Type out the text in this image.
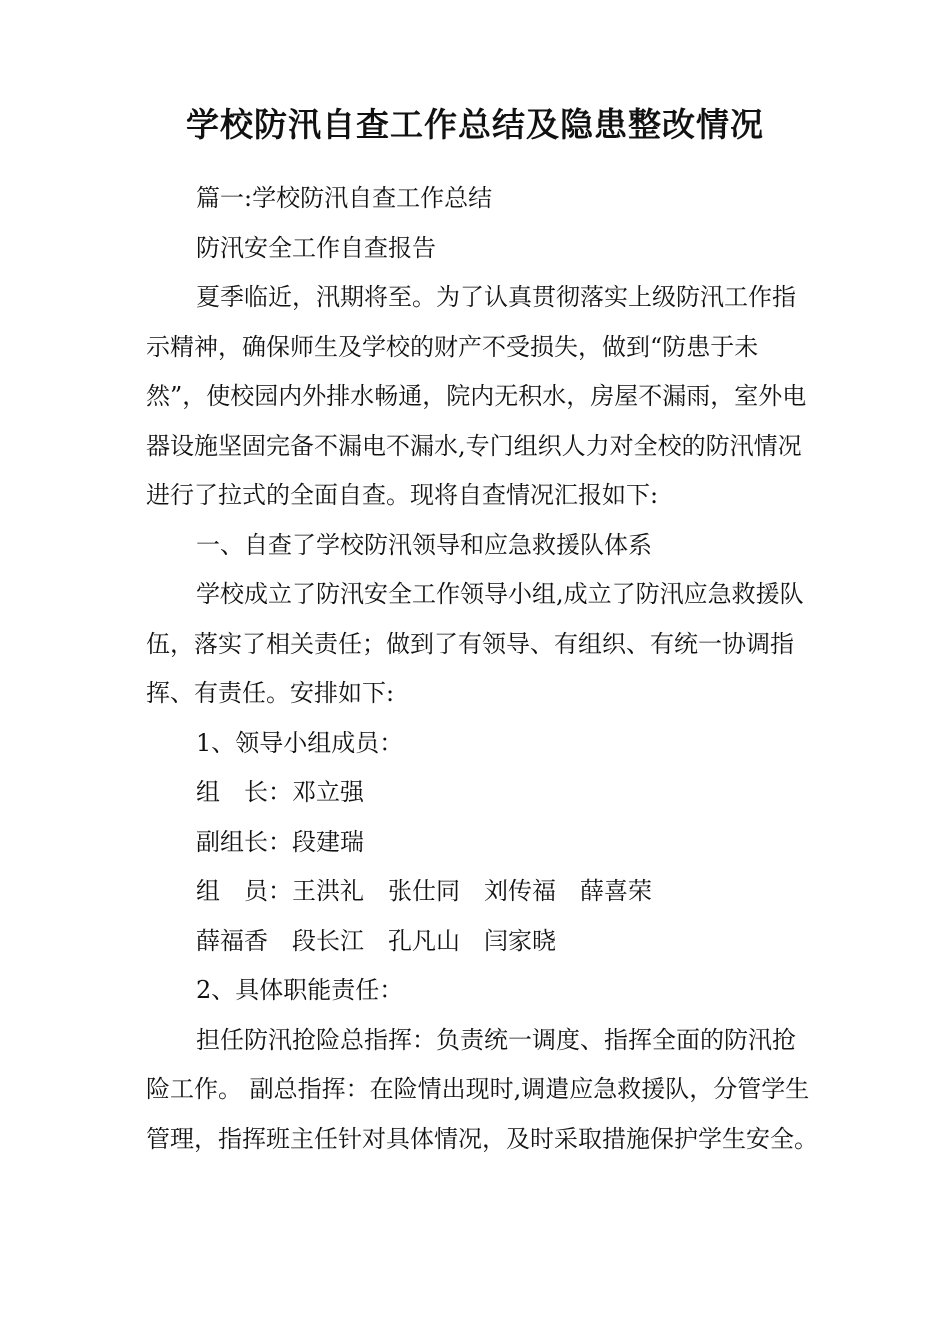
学校防汛自查工作总结及隐患整改情况

篇一:学校防汛自查工作总结

防汛安全工作自查报告

夏季临近，汛期将至。为了认真贯彻落实上级防汛工作指示精神，确保师生及学校的财产不受损失，做到“防患于未然”，使校园内外排水畅通，院内无积水，房屋不漏雨，室外电器设施坚固完备不漏电不漏水,专门组织人力对全校的防汛情况进行了拉式的全面自查。现将自查情况汇报如下:

一、自查了学校防汛领导和应急救援队体系

学校成立了防汛安全工作领导小组,成立了防汛应急救援队伍，落实了相关责任；做到了有领导、有组织、有统一协调指挥、有责任。安排如下:

1、领导小组成员：

组　长：邓立强

副组长：段建瑞

组　员：王洪礼　张仕同　刘传福　薛喜荣

薛福香　段长江　孔凡山　闫家晓

2、具体职能责任：

担任防汛抢险总指挥：负责统一调度、指挥全面的防汛抢险工作。 副总指挥：在险情出现时,调遣应急救援队，分管学生管理，指挥班主任针对具体情况，及时采取措施保护学生安全。
